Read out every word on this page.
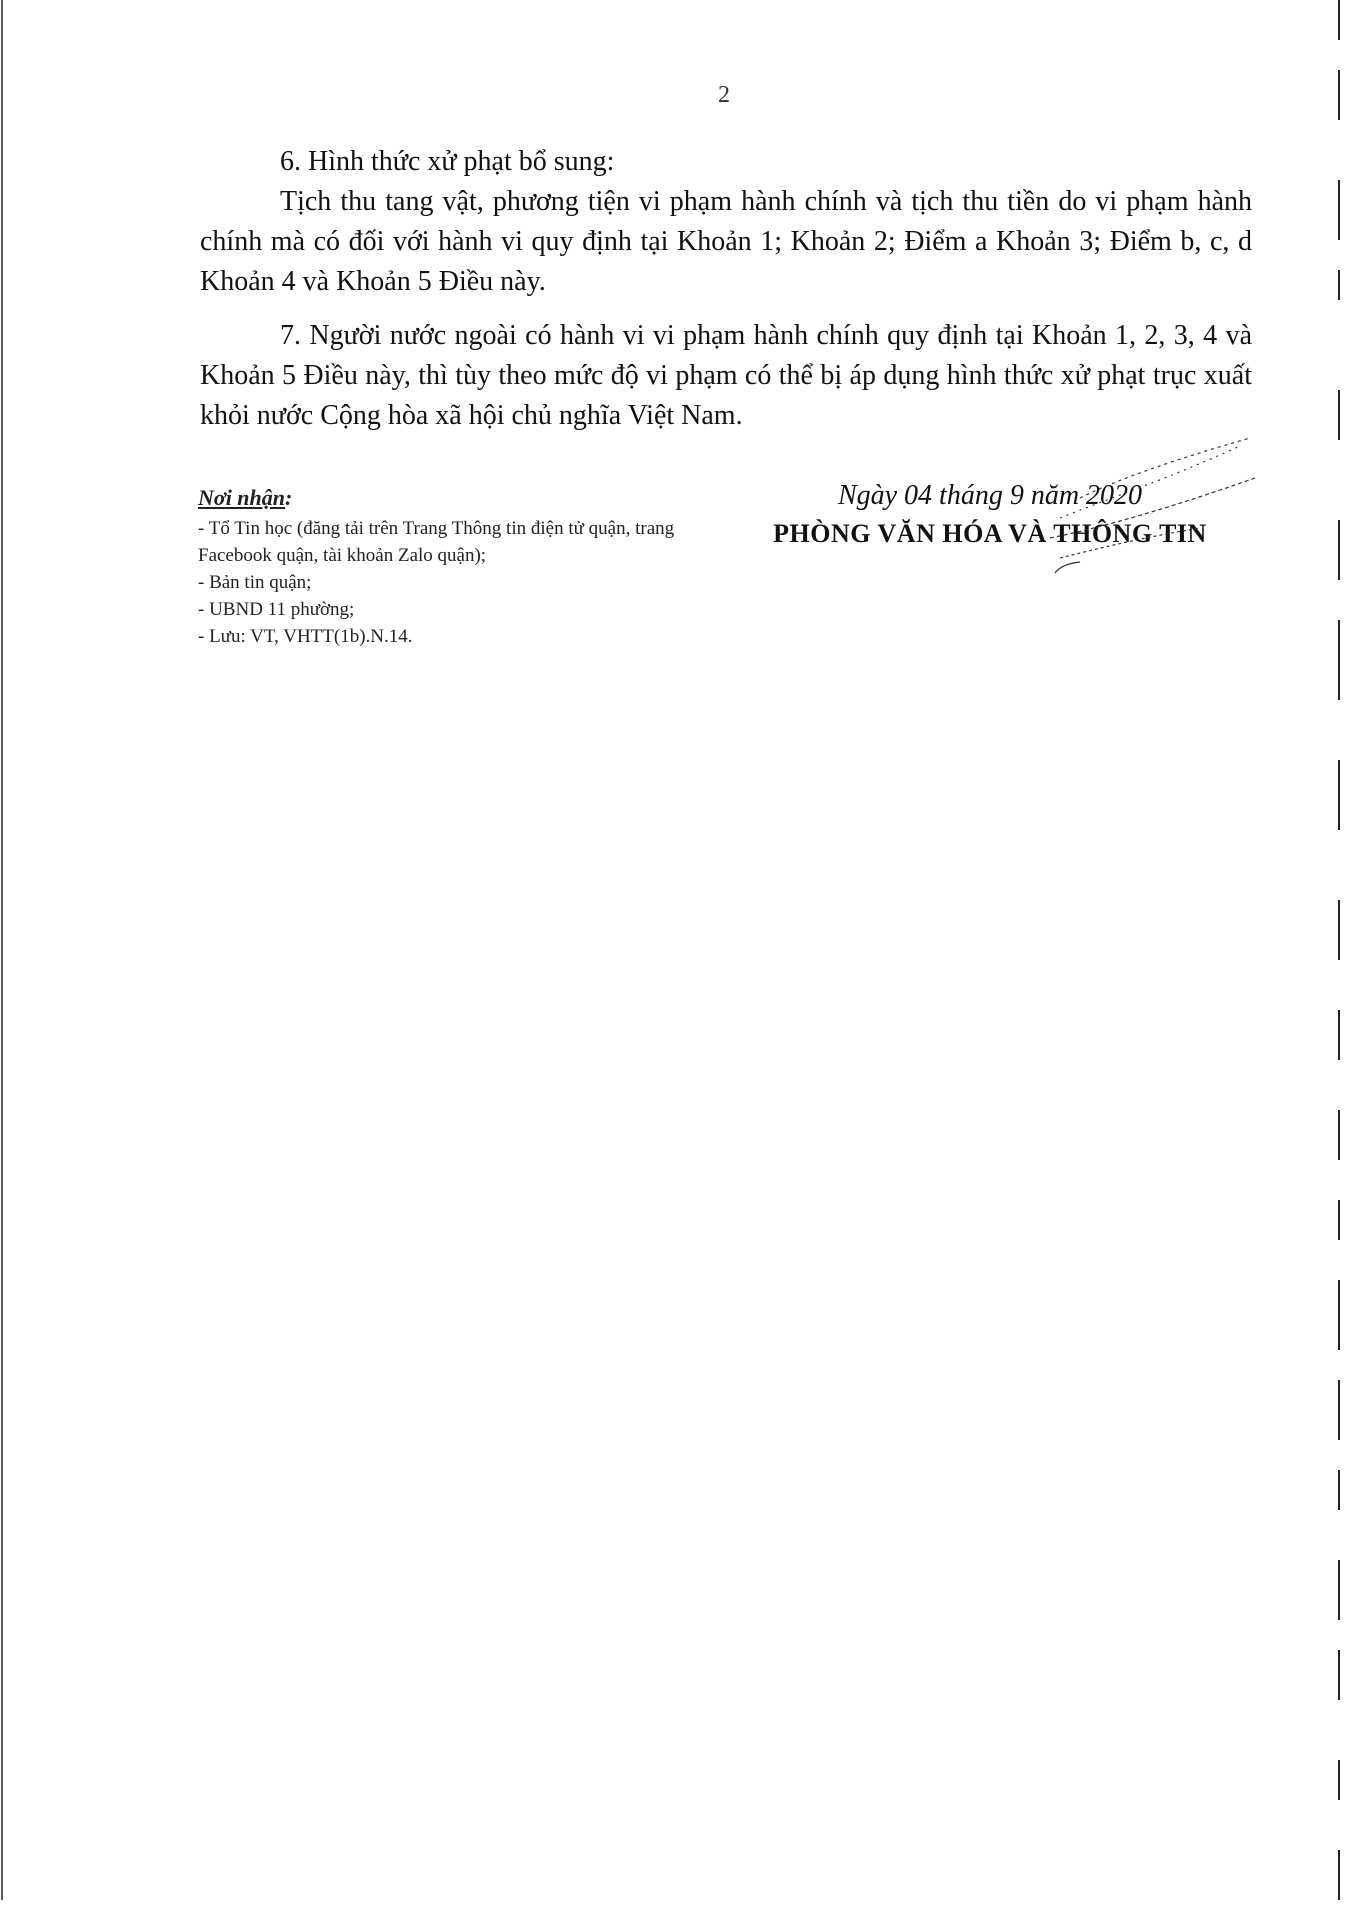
2

6. Hình thức xử phạt bổ sung:

Tịch thu tang vật, phương tiện vi phạm hành chính và tịch thu tiền do vi phạm hành chính mà có đối với hành vi quy định tại Khoản 1; Khoản 2; Điểm a Khoản 3; Điểm b, c, d Khoản 4 và Khoản 5 Điều này.

7. Người nước ngoài có hành vi vi phạm hành chính quy định tại Khoản 1, 2, 3, 4 và Khoản 5 Điều này, thì tùy theo mức độ vi phạm có thể bị áp dụng hình thức xử phạt trục xuất khỏi nước Cộng hòa xã hội chủ nghĩa Việt Nam.

Nơi nhận:
- Tổ Tin học (đăng tải trên Trang Thông tin điện tử quận, trang Facebook quận, tài khoản Zalo quận);
- Bản tin quận;
- UBND 11 phường;
- Lưu: VT, VHTT(1b).N.14.
Ngày 04 tháng 9 năm 2020
PHÒNG VĂN HÓA VÀ THÔNG TIN
